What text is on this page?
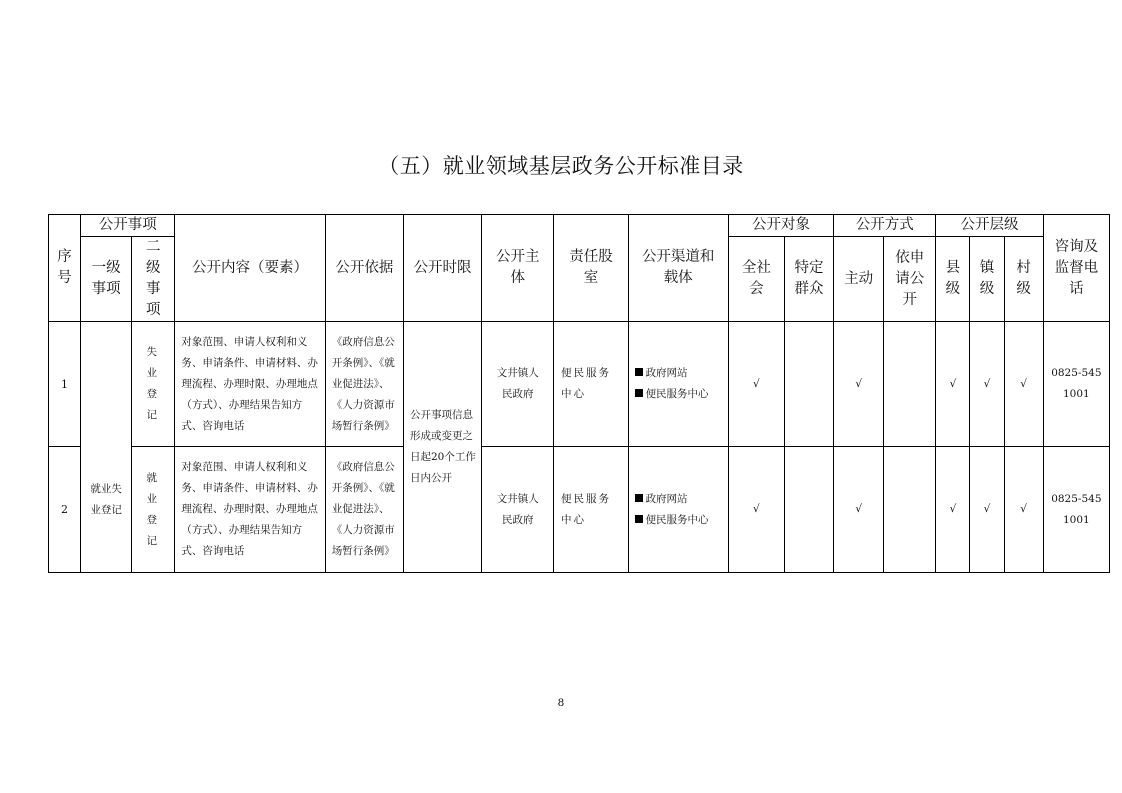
（五）就业领域基层政务公开标准目录
序号	公开事项		公开内容（要素）	公开依据	公开时限	公开主体	责任股室	公开渠道和载体	公开对象		公开方式		公开层级			咨询及监督电话
	一级事项	二级事项							全社会	特定群众	主动	依申请公开	县级	镇级	村级	
1	就业失业登记	失业登记	对象范围、申请人权利和义务、申请条件、申请材料、办理流程、办理时限、办理地点（方式）、办理结果告知方式、咨询电话	《政府信息公开条例》、《就业促进法》、《人力资源市场暂行条例》	公开事项信息形成或变更之日起20个工作日内公开	文井镇人民政府	便民服务中心	政府网站
便民服务中心	√		√		√	√	√	0825-5451001
2		就业登记	对象范围、申请人权利和义务、申请条件、申请材料、办理流程、办理时限、办理地点（方式）、办理结果告知方式、咨询电话	《政府信息公开条例》、《就业促进法》、《人力资源市场暂行条例》		文井镇人民政府	便民服务中心	政府网站
便民服务中心	√		√		√	√	√	0825-5451001
8
